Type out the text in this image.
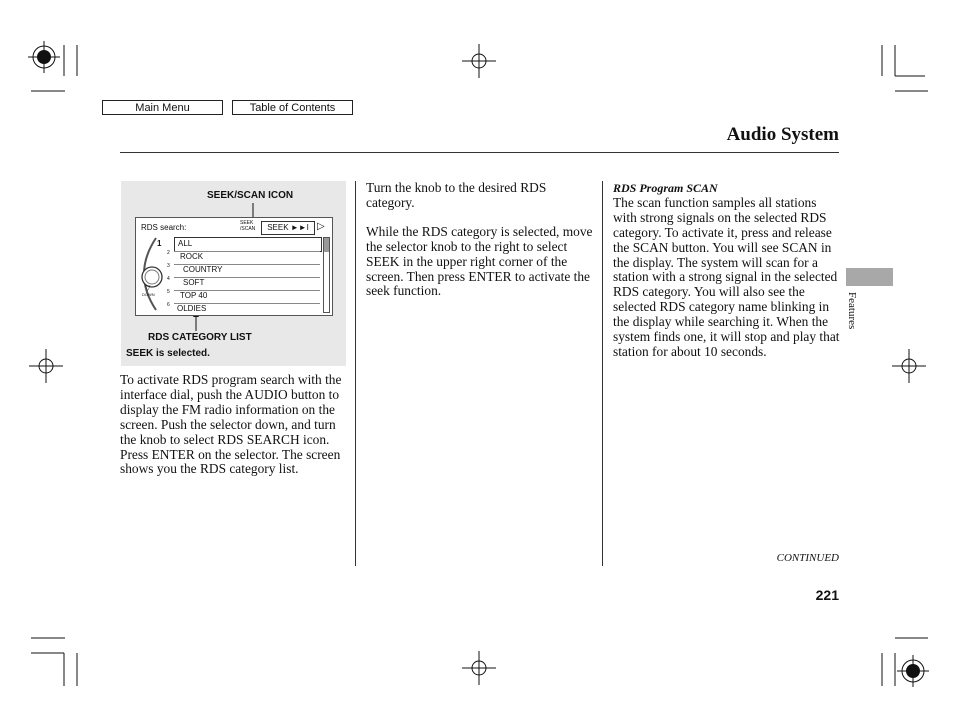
Main Menu	Table of Contents
Audio System
SEEK/SCAN ICON
RDS search:	SEEK
/SCAN	SEEK ►►I ▷
1
▽
DOWN
ALL
2 ROCK
3 COUNTRY
4 SOFT
5 TOP 40
6 OLDIES
RDS CATEGORY LIST
SEEK is selected.
To activate RDS program search with the interface dial, push the AUDIO button to display the FM radio information on the screen. Push the selector down, and turn the knob to select RDS SEARCH icon. Press ENTER on the selector. The screen shows you the RDS category list.
Turn the knob to the desired RDS category.
While the RDS category is selected, move the selector knob to the right to select SEEK in the upper right corner of the screen. Then press ENTER to activate the seek function.
RDS Program SCAN
The scan function samples all stations with strong signals on the selected RDS category. To activate it, press and release the SCAN button. You will see SCAN in the display. The system will scan for a station with a strong signal in the selected RDS category. You will also see the selected RDS category name blinking in the display while searching it. When the system finds one, it will stop and play that station for about 10 seconds.
Features
CONTINUED
221
